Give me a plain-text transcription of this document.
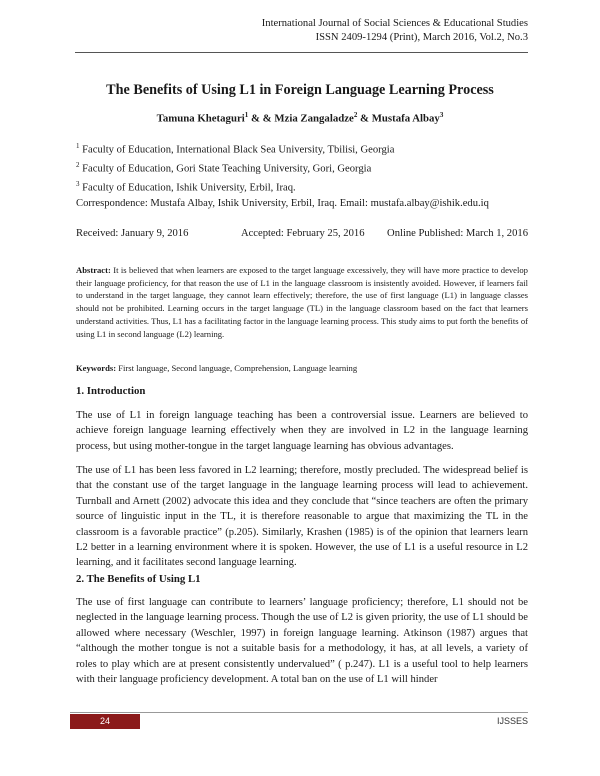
International Journal of Social Sciences & Educational Studies
ISSN 2409-1294 (Print), March 2016, Vol.2, No.3
The Benefits of Using L1 in Foreign Language Learning Process
Tamuna Khetaguri$^1$ & & Mzia Zangaladze$^2$ & Mustafa Albay$^3$
$^1$ Faculty of Education, International Black Sea University, Tbilisi, Georgia
$^2$ Faculty of Education, Gori State Teaching University, Gori, Georgia
$^3$ Faculty of Education, Ishik University, Erbil, Iraq.
Correspondence: Mustafa Albay, Ishik University, Erbil, Iraq. Email: mustafa.albay@ishik.edu.iq
Received: January 9, 2016	Accepted: February 25, 2016 Online Published: March 1, 2016
Abstract: It is believed that when learners are exposed to the target language excessively, they will have more practice to develop their language proficiency, for that reason the use of L1 in the language classroom is insistently avoided. However, if learners fail to understand in the target language, they cannot learn effectively; therefore, the use of first language (L1) in language classes should not be prohibited. Learning occurs in the target language (TL) in the language classroom based on the fact that learners understand activities. Thus, L1 has a facilitating factor in the language learning process. This study aims to put forth the benefits of using L1 in second language (L2) learning.
Keywords: First language, Second language, Comprehension, Language learning
1. Introduction
The use of L1 in foreign language teaching has been a controversial issue. Learners are believed to achieve foreign language learning effectively when they are involved in L2 in the language learning process, but using mother-tongue in the target language learning has obvious advantages.
The use of L1 has been less favored in L2 learning; therefore, mostly precluded. The widespread belief is that the constant use of the target language in the language learning process will lead to achievement. Turnball and Arnett (2002) advocate this idea and they conclude that “since teachers are often the primary source of linguistic input in the TL, it is therefore reasonable to argue that maximizing the TL in the classroom is a favorable practice” (p.205). Similarly, Krashen (1985) is of the opinion that learners learn L2 better in a learning environment where it is spoken. However, the use of L1 is a useful resource in L2 learning, and it facilitates second language learning.
2. The Benefits of Using L1
The use of first language can contribute to learners’ language proficiency; therefore, L1 should not be neglected in the language learning process. Though the use of L2 is given priority, the use of L1 should be allowed where necessary (Weschler, 1997) in foreign language learning. Atkinson (1987) argues that “although the mother tongue is not a suitable basis for a methodology, it has, at all levels, a variety of roles to play which are at present consistently undervalued” ( p.247). L1 is a useful tool to help learners with their language proficiency development. A total ban on the use of L1 will hinder
24	IJSSES
